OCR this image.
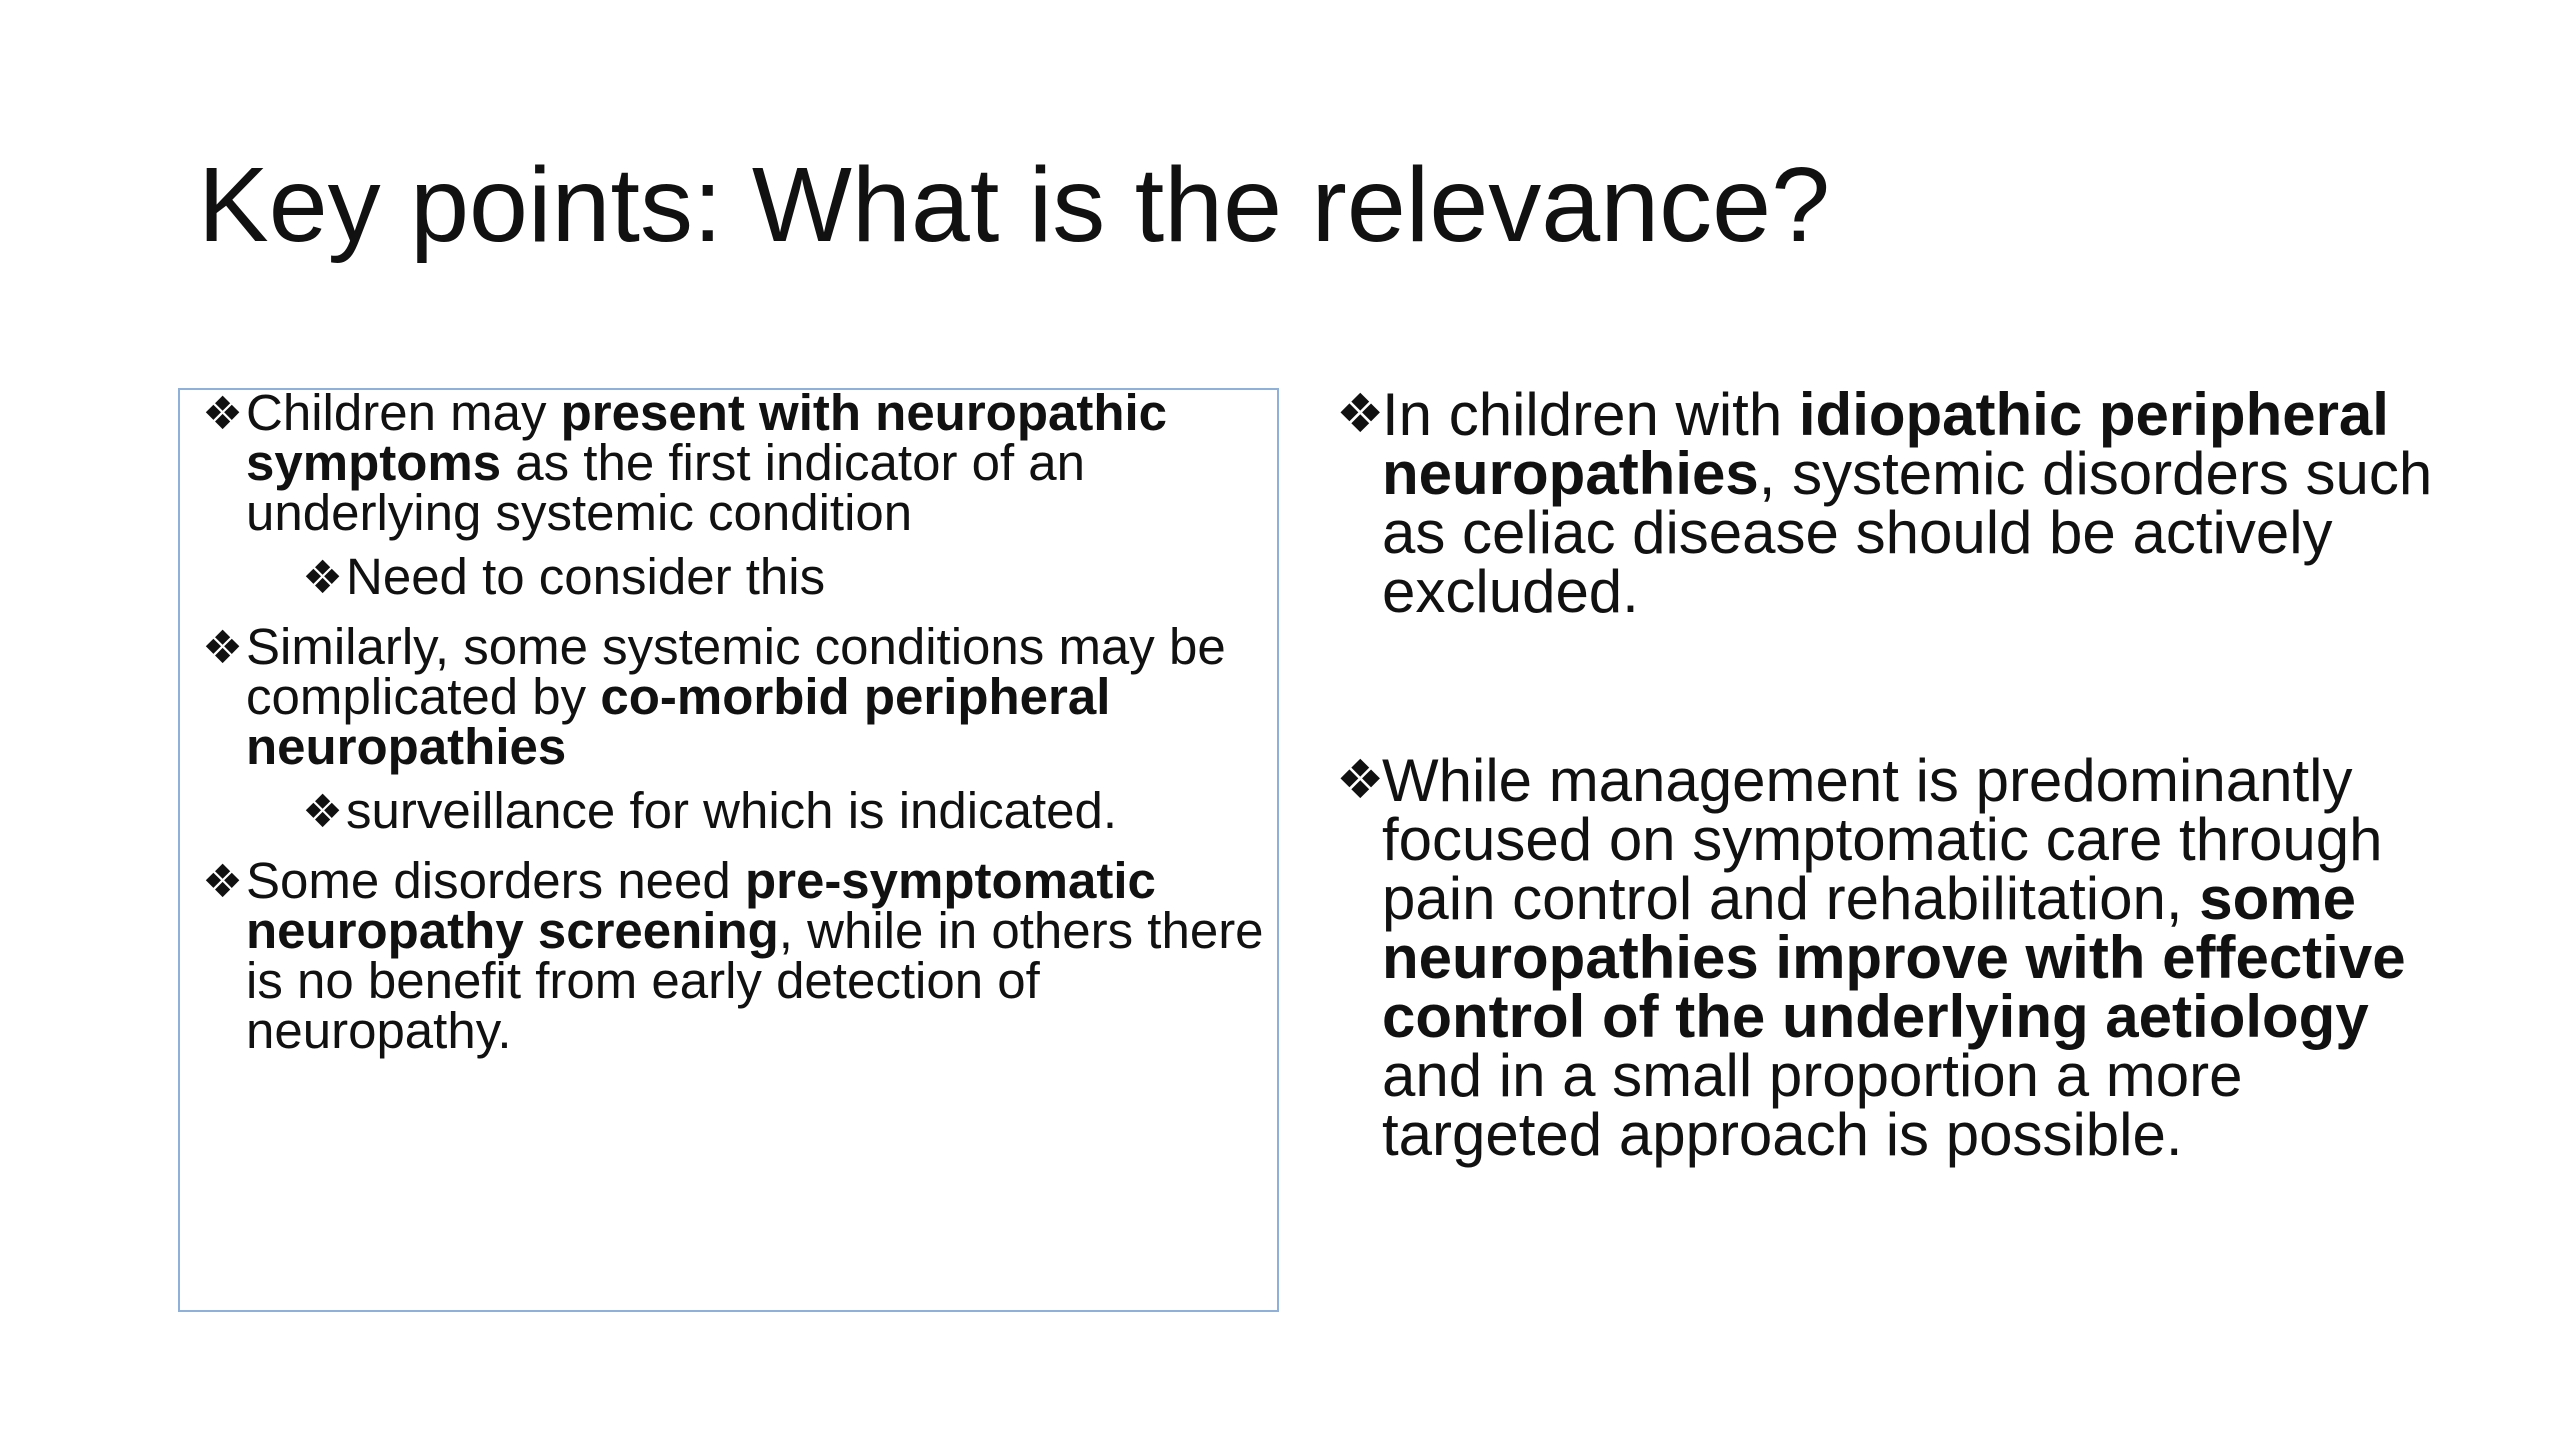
Key points: What is the relevance?
❖ Children may present with neuropathic symptoms as the first indicator of an underlying systemic condition
❖ Need to consider this
❖ Similarly, some systemic conditions may be complicated by co-morbid peripheral neuropathies
❖ surveillance for which is indicated.
❖ Some disorders need pre-symptomatic neuropathy screening, while in others there is no benefit from early detection of neuropathy.
❖
In children with idiopathic peripheral neuropathies, systemic disorders such as celiac disease should be actively excluded.
❖
While management is predominantly focused on symptomatic care through pain control and rehabilitation, some neuropathies improve with effective control of the underlying aetiology and in a small proportion a more targeted approach is possible.
